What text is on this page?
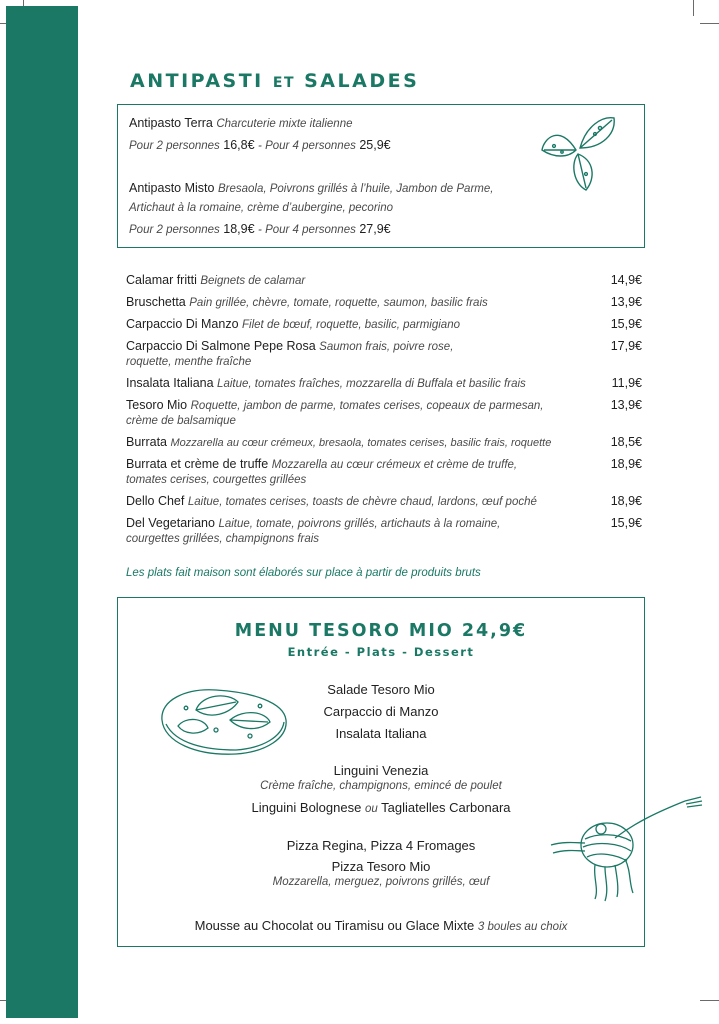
ANTIPASTI ET SALADES
Antipasto Terra Charcuterie mixte italienne
Pour 2 personnes 16,8€ - Pour 4 personnes 25,9€
Antipasto Misto Bresaola, Poivrons grillés à l’huile, Jambon de Parme,
Artichaut à la romaine, crème d’aubergine, pecorino
Pour 2 personnes 18,9€ - Pour 4 personnes 27,9€
Calamar fritti Beignets de calamar	14,9€
Bruschetta Pain grillée, chèvre, tomate, roquette, saumon, basilic frais	13,9€
Carpaccio Di Manzo Filet de bœuf, roquette, basilic, parmigiano	15,9€
Carpaccio Di Salmone Pepe Rosa Saumon frais, poivre rose,
roquette, menthe fraîche
17,9€
Insalata Italiana Laitue, tomates fraîches, mozzarella di Buffala et basilic frais	11,9€
Tesoro Mio Roquette, jambon de parme, tomates cerises, copeaux de parmesan,
crème de balsamique
13,9€
Burrata Mozzarella au cœur crémeux, bresaola, tomates cerises, basilic frais, roquette	18,5€
Burrata et crème de truffe Mozzarella au cœur crémeux et crème de truffe,
tomates cerises, courgettes grillées
18,9€
Dello Chef Laitue, tomates cerises, toasts de chèvre chaud, lardons, œuf poché	18,9€
Del Vegetariano Laitue, tomate, poivrons grillés, artichauts à la romaine,
courgettes grillées, champignons frais
15,9€
Les plats fait maison sont élaborés sur place à partir de produits bruts
MENU TESORO MIO 24,9€
Entrée - Plats - Dessert
Salade Tesoro Mio
Carpaccio di Manzo
Insalata Italiana
Linguini Venezia
Crème fraîche, champignons, emincé de poulet
Linguini Bolognese ou Tagliatelles Carbonara
Pizza Regina, Pizza 4 Fromages
Pizza Tesoro Mio
Mozzarella, merguez, poivrons grillés, œuf
Mousse au Chocolat ou Tiramisu ou Glace Mixte 3 boules au choix
